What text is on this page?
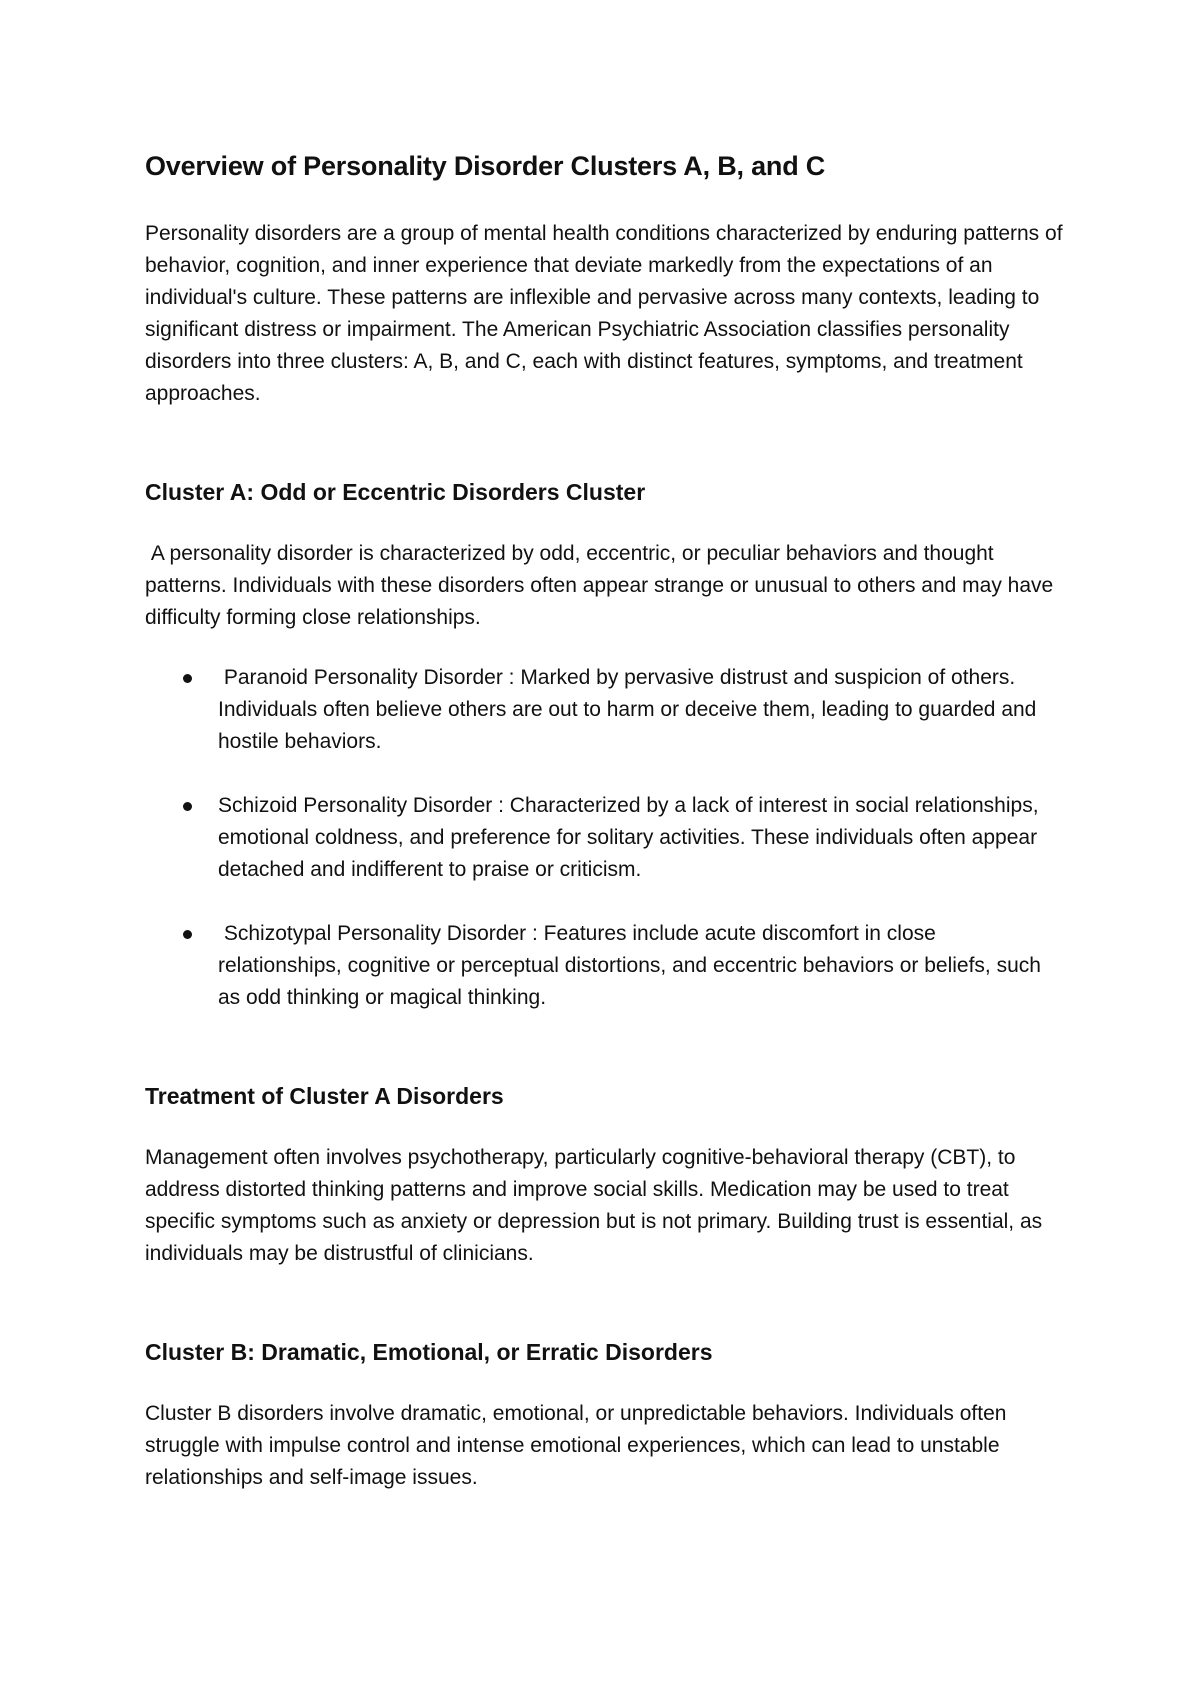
Overview of Personality Disorder Clusters A, B, and C

Personality disorders are a group of mental health conditions characterized by enduring patterns of behavior, cognition, and inner experience that deviate markedly from the expectations of an individual's culture. These patterns are inflexible and pervasive across many contexts, leading to significant distress or impairment. The American Psychiatric Association classifies personality disorders into three clusters: A, B, and C, each with distinct features, symptoms, and treatment approaches.

Cluster A: Odd or Eccentric Disorders Cluster

A personality disorder is characterized by odd, eccentric, or peculiar behaviors and thought patterns. Individuals with these disorders often appear strange or unusual to others and may have difficulty forming close relationships.

Paranoid Personality Disorder : Marked by pervasive distrust and suspicion of others. Individuals often believe others are out to harm or deceive them, leading to guarded and hostile behaviors.
Schizoid Personality Disorder : Characterized by a lack of interest in social relationships, emotional coldness, and preference for solitary activities. These individuals often appear detached and indifferent to praise or criticism.
Schizotypal Personality Disorder : Features include acute discomfort in close relationships, cognitive or perceptual distortions, and eccentric behaviors or beliefs, such as odd thinking or magical thinking.
Treatment of Cluster A Disorders

Management often involves psychotherapy, particularly cognitive-behavioral therapy (CBT), to address distorted thinking patterns and improve social skills. Medication may be used to treat specific symptoms such as anxiety or depression but is not primary. Building trust is essential, as individuals may be distrustful of clinicians.

Cluster B: Dramatic, Emotional, or Erratic Disorders

Cluster B disorders involve dramatic, emotional, or unpredictable behaviors. Individuals often struggle with impulse control and intense emotional experiences, which can lead to unstable relationships and self-image issues.
